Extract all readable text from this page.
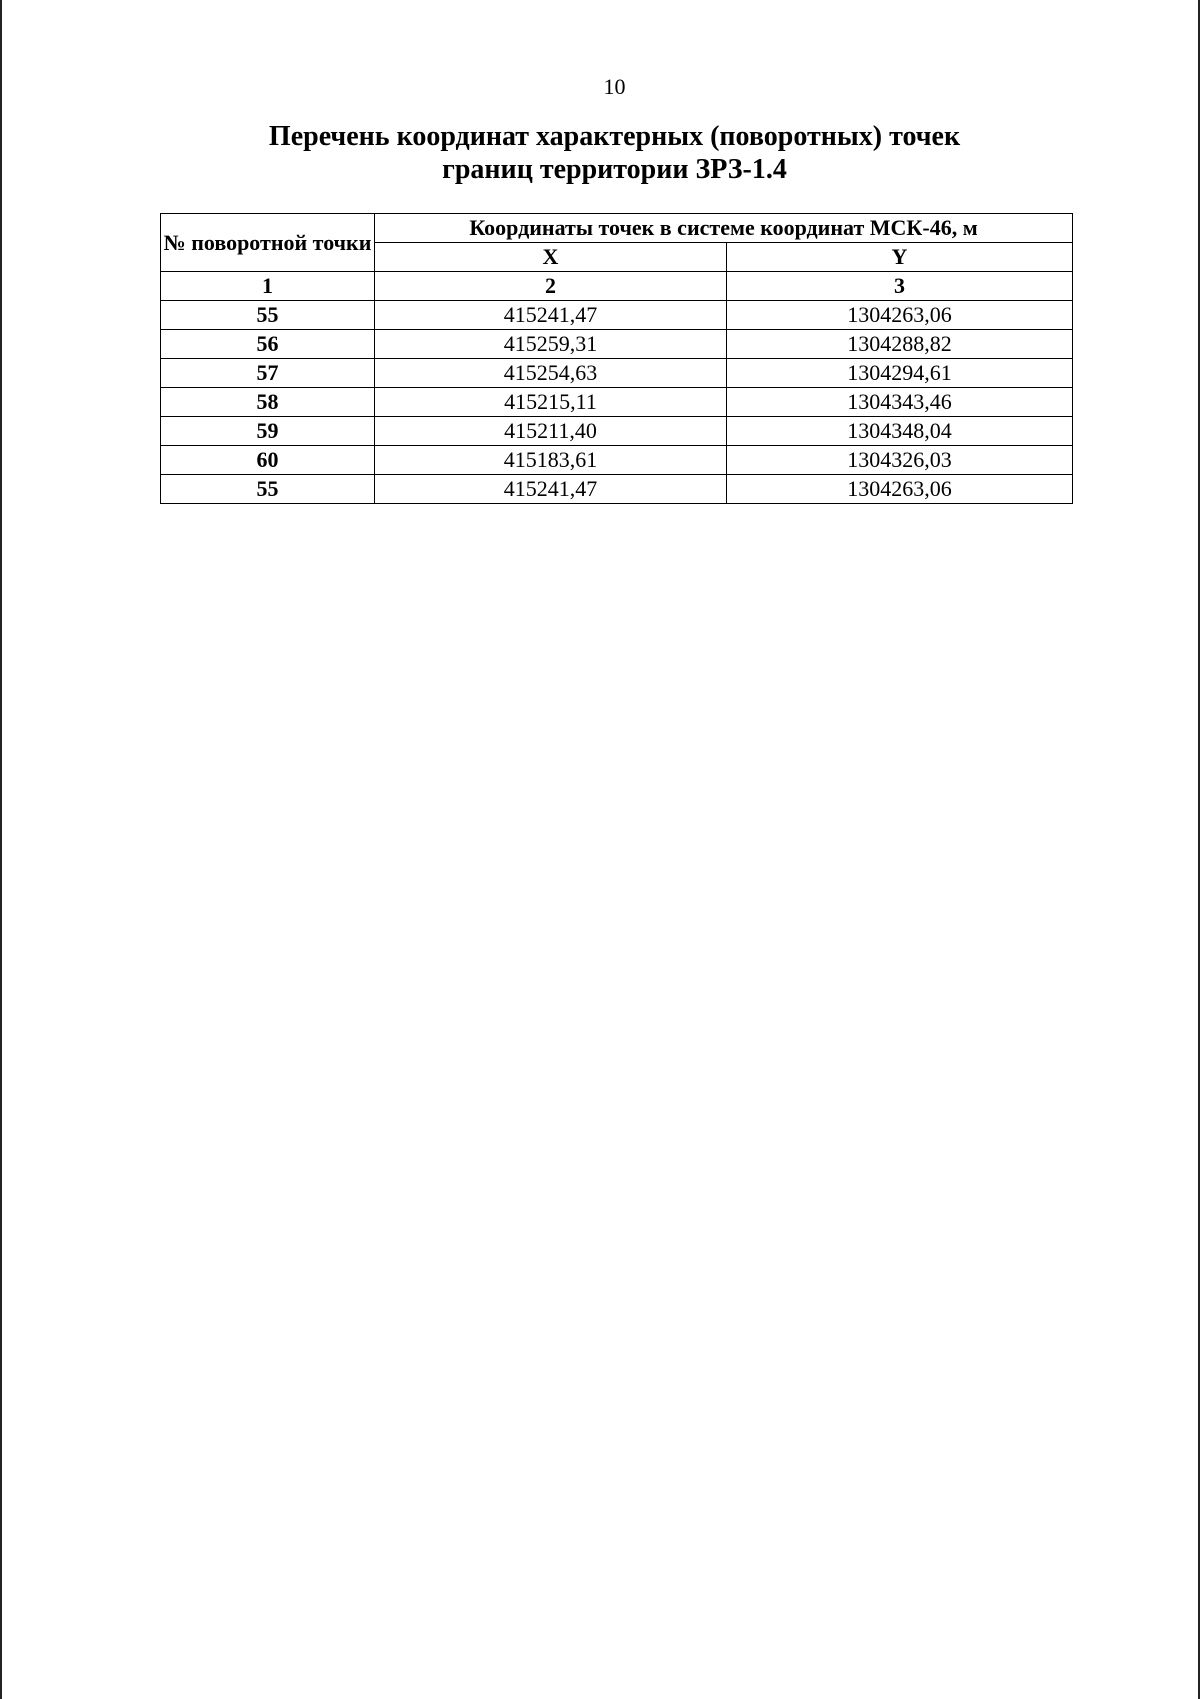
10
Перечень координат характерных (поворотных) точек
границ территории ЗРЗ-1.4
№ поворотной точки	Координаты точек в системе координат МСК-46, м	
	X	Y
1	2	3
55	415241,47	1304263,06
56	415259,31	1304288,82
57	415254,63	1304294,61
58	415215,11	1304343,46
59	415211,40	1304348,04
60	415183,61	1304326,03
55	415241,47	1304263,06
